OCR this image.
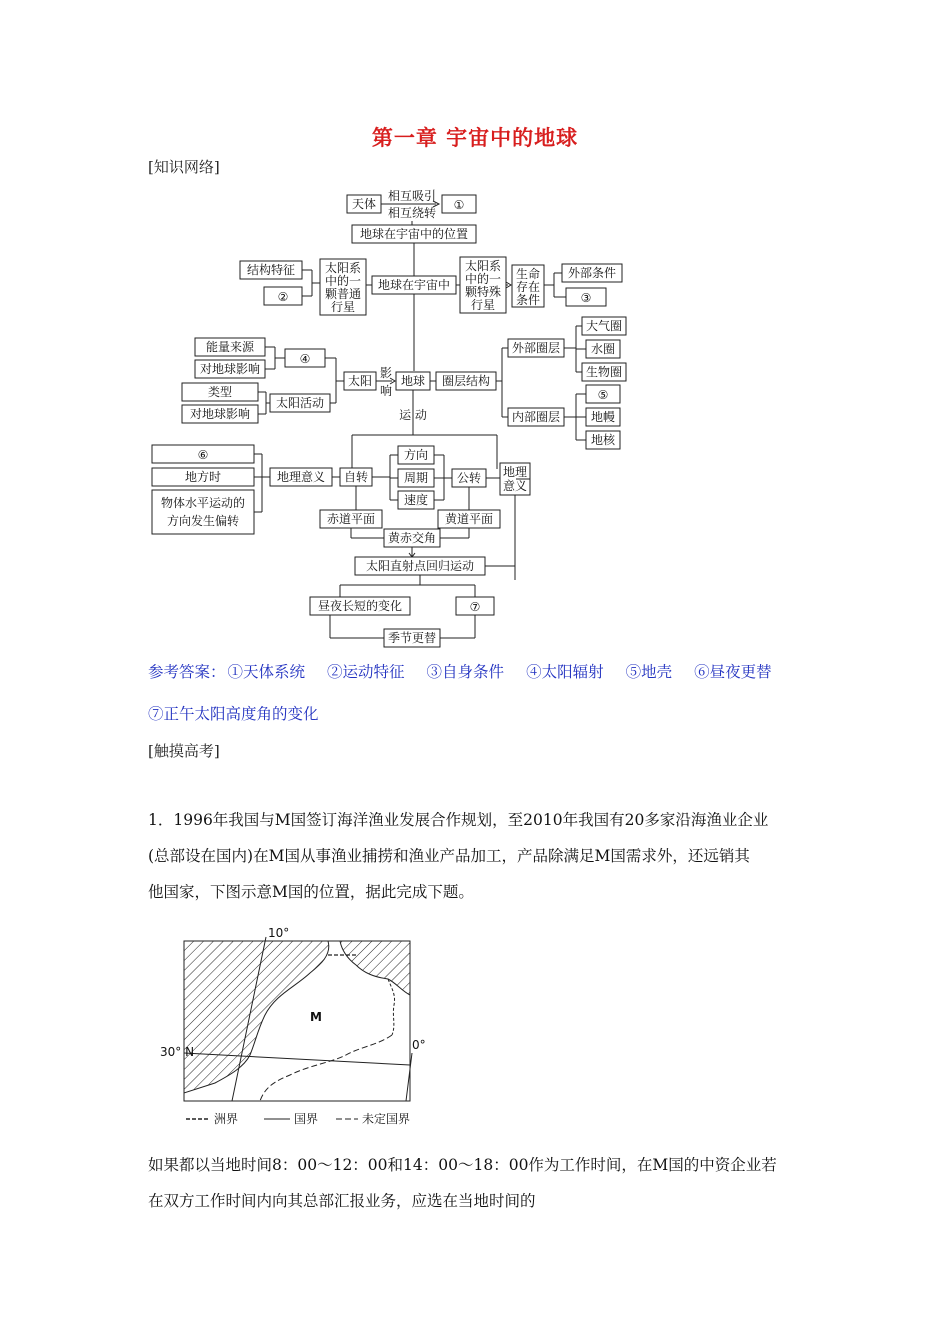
第一章 宇宙中的地球
[知识网络]
天体
相互吸引
相互绕转
①
地球在宇宙中的位置
结构特征
②
太阳系
中的一
颗普通
行星
地球在宇宙中
太阳系
中的一
颗特殊
行星
生命
存在
条件
外部条件
③
能量来源
对地球影响
④
类型
对地球影响
太阳活动
太阳
影
响
地球 圈层结构
外部圈层
内部圈层
大气圈
水圈
生物圈
⑤
地幔
地核
运 动
⑥
地方时
物体水平运动的
方向发生偏转
地理意义 自转
方向
周期
速度
公转 地理
意义
赤道平面	黄道平面
黄赤交角
太阳直射点回归运动
昼夜长短的变化	⑦
季节更替
参考答案： ①天体系统 ②运动特征 ③自身条件 ④太阳辐射 ⑤地壳 ⑥昼夜更替
⑦正午太阳高度角的变化
[触摸高考]
1．1996年我国与M国签订海洋渔业发展合作规划，至2010年我国有20多家沿海渔业企业
(总部设在国内)在M国从事渔业捕捞和渔业产品加工，产品除满足M国需求外，还远销其
他国家，下图示意M国的位置，据此完成下题。
10°
0°
30° N
M
洲界	国界	未定国界
如果都以当地时间8：00～12：00和14：00～18：00作为工作时间，在M国的中资企业若
在双方工作时间内向其总部汇报业务，应选在当地时间的
